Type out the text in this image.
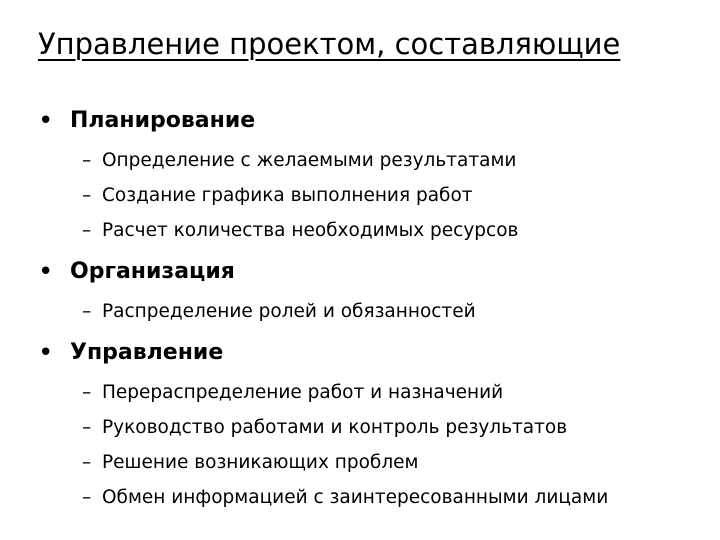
Управление проектом, составляющие
• Планирование
– Определение с желаемыми результатами
– Создание графика выполнения работ
– Расчет количества необходимых ресурсов
• Организация
– Распределение ролей и обязанностей
• Управление
– Перераспределение работ и назначений
– Руководство работами и контроль результатов
– Решение возникающих проблем
– Обмен информацией с заинтересованными лицами
